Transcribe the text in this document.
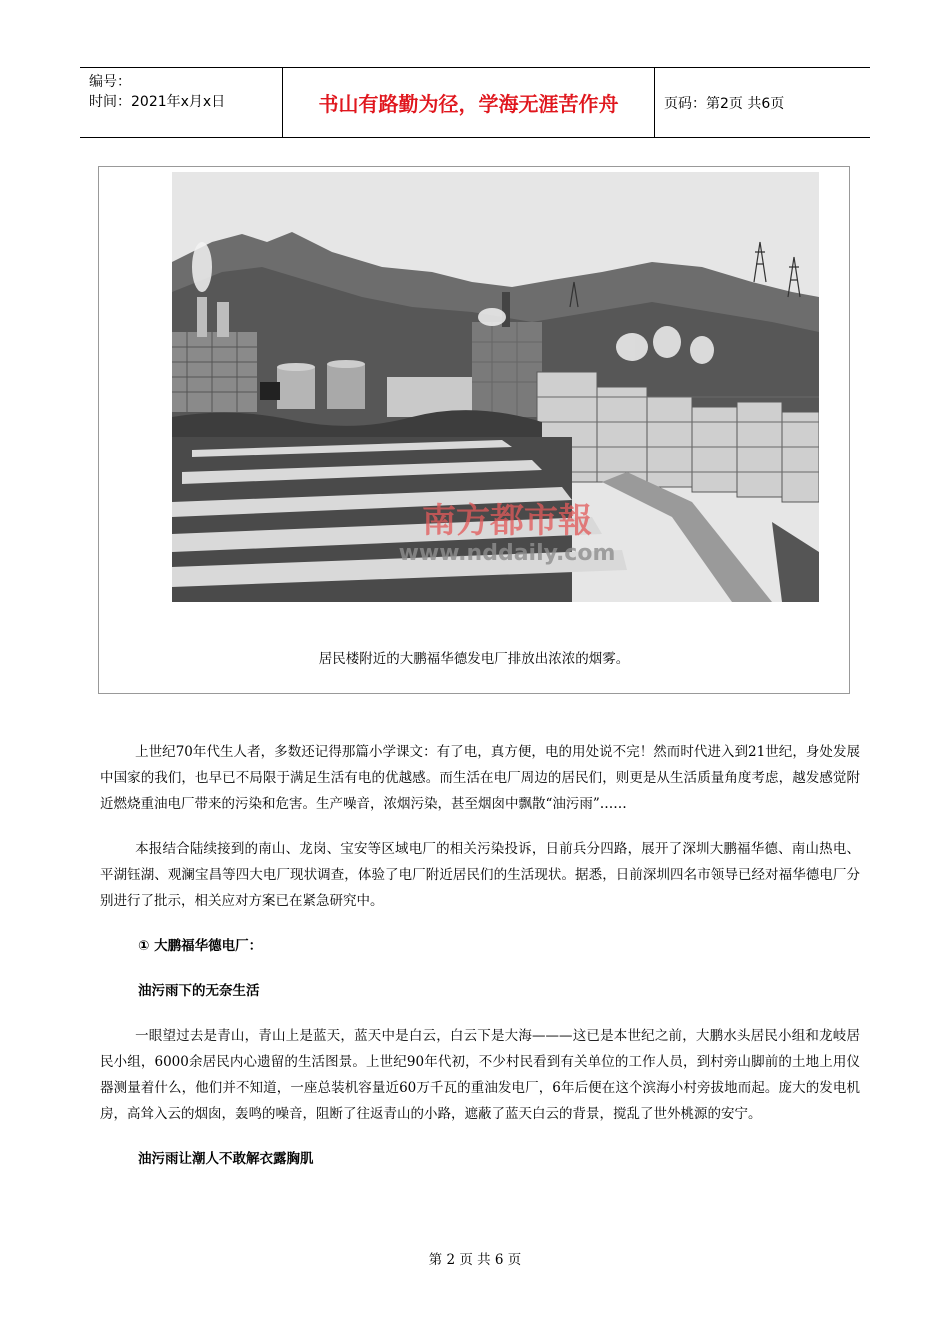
编号：
时间：2021年x月x日	书山有路勤为径，学海无涯苦作舟	页码：第2页 共6页
南方都市報
www.nddaily.com
居民楼附近的大鹏福华德发电厂排放出浓浓的烟雾。

上世纪70年代生人者，多数还记得那篇小学课文：有了电，真方便，电的用处说不完！然而时代进入到21世纪，身处发展中国家的我们，也早已不局限于满足生活有电的优越感。而生活在电厂周边的居民们，则更是从生活质量角度考虑，越发感觉附近燃烧重油电厂带来的污染和危害。生产噪音，浓烟污染，甚至烟囱中飘散“油污雨”……

本报结合陆续接到的南山、龙岗、宝安等区域电厂的相关污染投诉，日前兵分四路，展开了深圳大鹏福华德、南山热电、平湖钰湖、观澜宝昌等四大电厂现状调查，体验了电厂附近居民们的生活现状。据悉，日前深圳四名市领导已经对福华德电厂分别进行了批示，相关应对方案已在紧急研究中。

① 大鹏福华德电厂：
油污雨下的无奈生活

一眼望过去是青山，青山上是蓝天，蓝天中是白云，白云下是大海———这已是本世纪之前，大鹏水头居民小组和龙岐居民小组，6000余居民内心遗留的生活图景。上世纪90年代初，不少村民看到有关单位的工作人员，到村旁山脚前的土地上用仪器测量着什么，他们并不知道，一座总装机容量近60万千瓦的重油发电厂，6年后便在这个滨海小村旁拔地而起。庞大的发电机房，高耸入云的烟囱，轰鸣的噪音，阻断了往返青山的小路，遮蔽了蓝天白云的背景，搅乱了世外桃源的安宁。

油污雨让潮人不敢解衣露胸肌
第 2 页 共 6 页
